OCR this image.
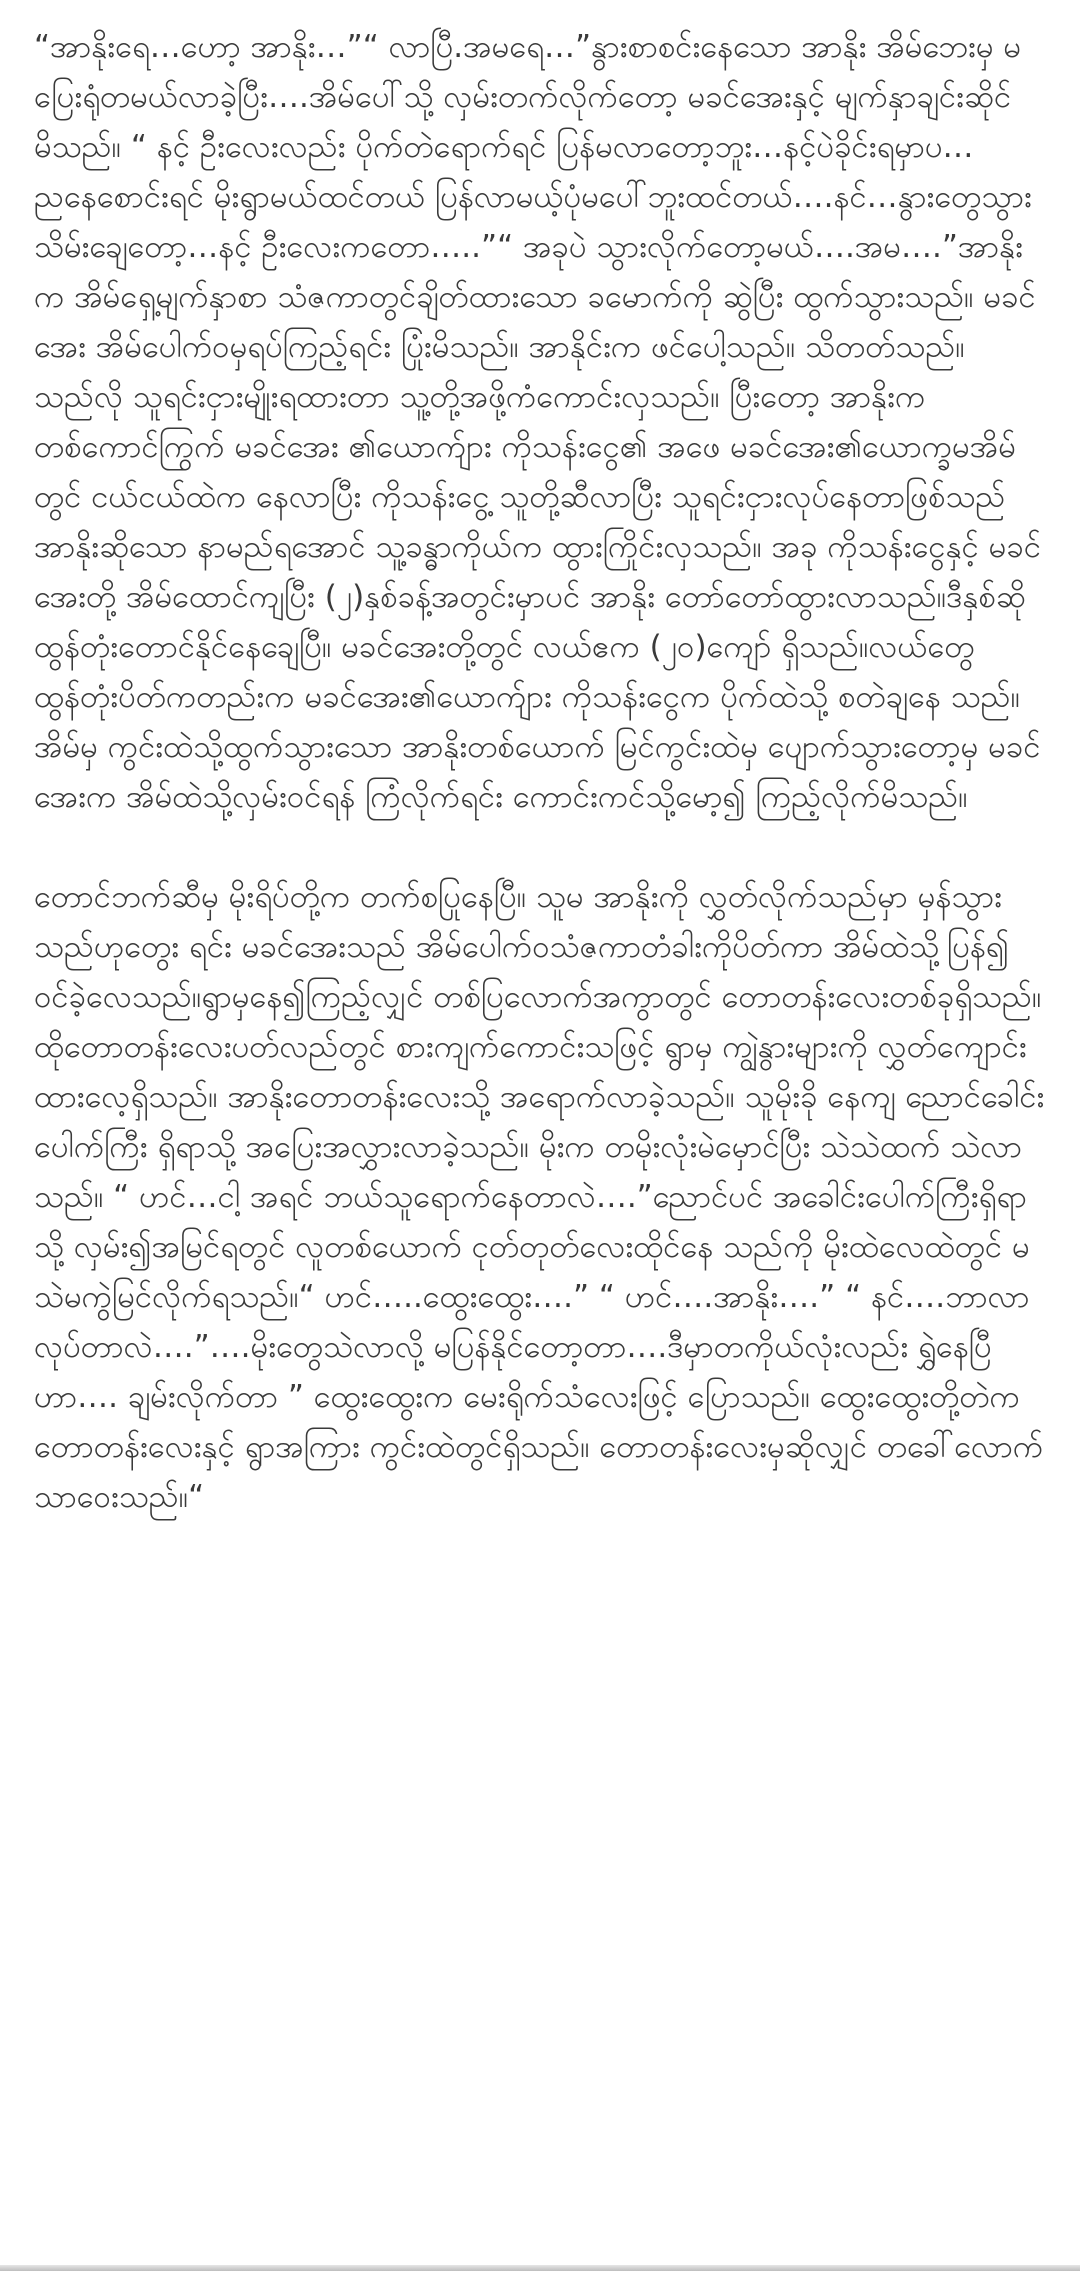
“အာနိုးရေ…ဟော့ အာနိုး…”“ လာပြီ.အမရေ…”နွားစာစင်းနေသော အာနိုး အိမ်ဘေးမှ မပြေးရုံတမယ်လာခဲ့ပြီး….အိမ်ပေါ်သို့ လှမ်းတက်လိုက်တော့ မခင်အေးနှင့် မျက်နှာချင်းဆိုင်မိသည်။ “ နင့် ဦးလေးလည်း ပိုက်တဲရောက်ရင် ပြန်မလာတော့ဘူး…နင့်ပဲခိုင်းရမှာပ…ညနေစောင်းရင် မိုးရွာမယ်ထင်တယ် ပြန်လာမယ့်ပုံမပေါ်ဘူးထင်တယ်….နင်…နွားတွေသွားသိမ်းချေတော့…နင့် ဦးလေးကတော…..”“ အခုပဲ သွားလိုက်တော့မယ်….အမ….”အာနိုးက အိမ်ရှေ့မျက်နှာစာ သံဇကာတွင်ချိတ်ထားသော ခမောက်ကို ဆွဲပြီး ထွက်သွားသည်။ မခင်အေး အိမ်ပေါက်ဝမှရပ်ကြည့်ရင်း ပြုံးမိသည်။ အာနိုင်းက ဖင်ပေါ့သည်။ သိတတ်သည်။ သည်လို သူရင်းငှားမျိုးရထားတာ သူ့တို့အဖို့ကံကောင်းလှသည်။ ပြီးတော့ အာနိုးက တစ်ကောင်ကြွက် မခင်အေး ၏ယောက်ျား ကိုသန်းငွေ၏ အဖေ မခင်အေး၏ယောက္ခမအိမ်တွင် ငယ်ငယ်ထဲက နေလာပြီး ကိုသန်းငွေ့ သူတို့ဆီလာပြီး သူရင်းငှားလုပ်နေတာဖြစ်သည် အာနိုးဆိုသော နာမည်ရအောင် သူ့ခန္ဓာကိုယ်က ထွားကြိုင်းလှသည်။ အခု ကိုသန်းငွေနှင့် မခင်အေးတို့ အိမ်ထောင်ကျပြီး (၂)နှစ်ခန့်အတွင်းမှာပင် အာနိုး တော်တော်ထွားလာသည်။ဒီနှစ်ဆို ထွန်တုံးတောင်နိုင်နေချေပြီ။ မခင်အေးတို့တွင် လယ်ဧက (၂၀)ကျော် ရှိသည်။လယ်တွေထွန်တုံးပိတ်ကတည်းက မခင်အေး၏ယောက်ျား ကိုသန်းငွေက ပိုက်ထဲသို့ စတဲချနေ သည်။အိမ်မှ ကွင်းထဲသို့ထွက်သွားသော အာနိုးတစ်ယောက် မြင်ကွင်းထဲမှ ပျောက်သွားတော့မှ မခင်အေးက အိမ်ထဲသို့လှမ်းဝင်ရန် ကြံလိုက်ရင်း ကောင်းကင်သို့မော့၍ ကြည့်လိုက်မိသည်။

တောင်ဘက်ဆီမှ မိုးရိပ်တို့က တက်စပြုနေပြီ။ သူမ အာနိုးကို လွှတ်လိုက်သည်မှာ မှန်သွားသည်ဟုတွေး ရင်း မခင်အေးသည် အိမ်ပေါက်ဝသံဇကာတံခါးကိုပိတ်ကာ အိမ်ထဲသို့ပြန်၍ ဝင်ခဲ့လေသည်။ရွာမှနေ၍ကြည့်လျှင် တစ်ပြလောက်အကွာတွင် တောတန်းလေးတစ်ခုရှိသည်။ထိုတောတန်းလေးပတ်လည်တွင် စားကျက်ကောင်းသဖြင့် ရွာမှ ကျွဲနွားများကို လွှတ်ကျောင်းထားလေ့ရှိသည်။ အာနိုးတောတန်းလေးသို့ အရောက်လာခဲ့သည်။ သူမိုးခို နေကျ ညောင်ခေါင်းပေါက်ကြီး ရှိရာသို့ အပြေးအလွှားလာခဲ့သည်။ မိုးက တမိုးလုံးမဲမှောင်ပြီး သဲသဲထက် သဲလာသည်။ “ ဟင်…ငါ့ အရင် ဘယ်သူရောက်နေတာလဲ….”ညောင်ပင် အခေါင်းပေါက်ကြီးရှိရာသို့ လှမ်း၍အမြင်ရတွင် လူတစ်ယောက် ငုတ်တုတ်လေးထိုင်နေ သည်ကို မိုးထဲလေထဲတွင် မသဲမကွဲမြင်လိုက်ရသည်။“ ဟင်…..ထွေးထွေး….” “ ဟင်….အာနိုး….” “ နင်….ဘာလာလုပ်တာလဲ….”….မိုးတွေသဲလာလို့ မပြန်နိုင်တော့တာ….ဒီမှာတကိုယ်လုံးလည်း ရွှဲနေပြီဟာ…. ချမ်းလိုက်တာ ” ထွေးထွေးက မေးရိုက်သံလေးဖြင့် ပြောသည်။ ထွေးထွေးတို့တဲက တောတန်းလေးနှင့် ရွာအကြား ကွင်းထဲတွင်ရှိသည်။ တောတန်းလေးမှဆိုလျှင် တခေါ်လောက်သာဝေးသည်။“
